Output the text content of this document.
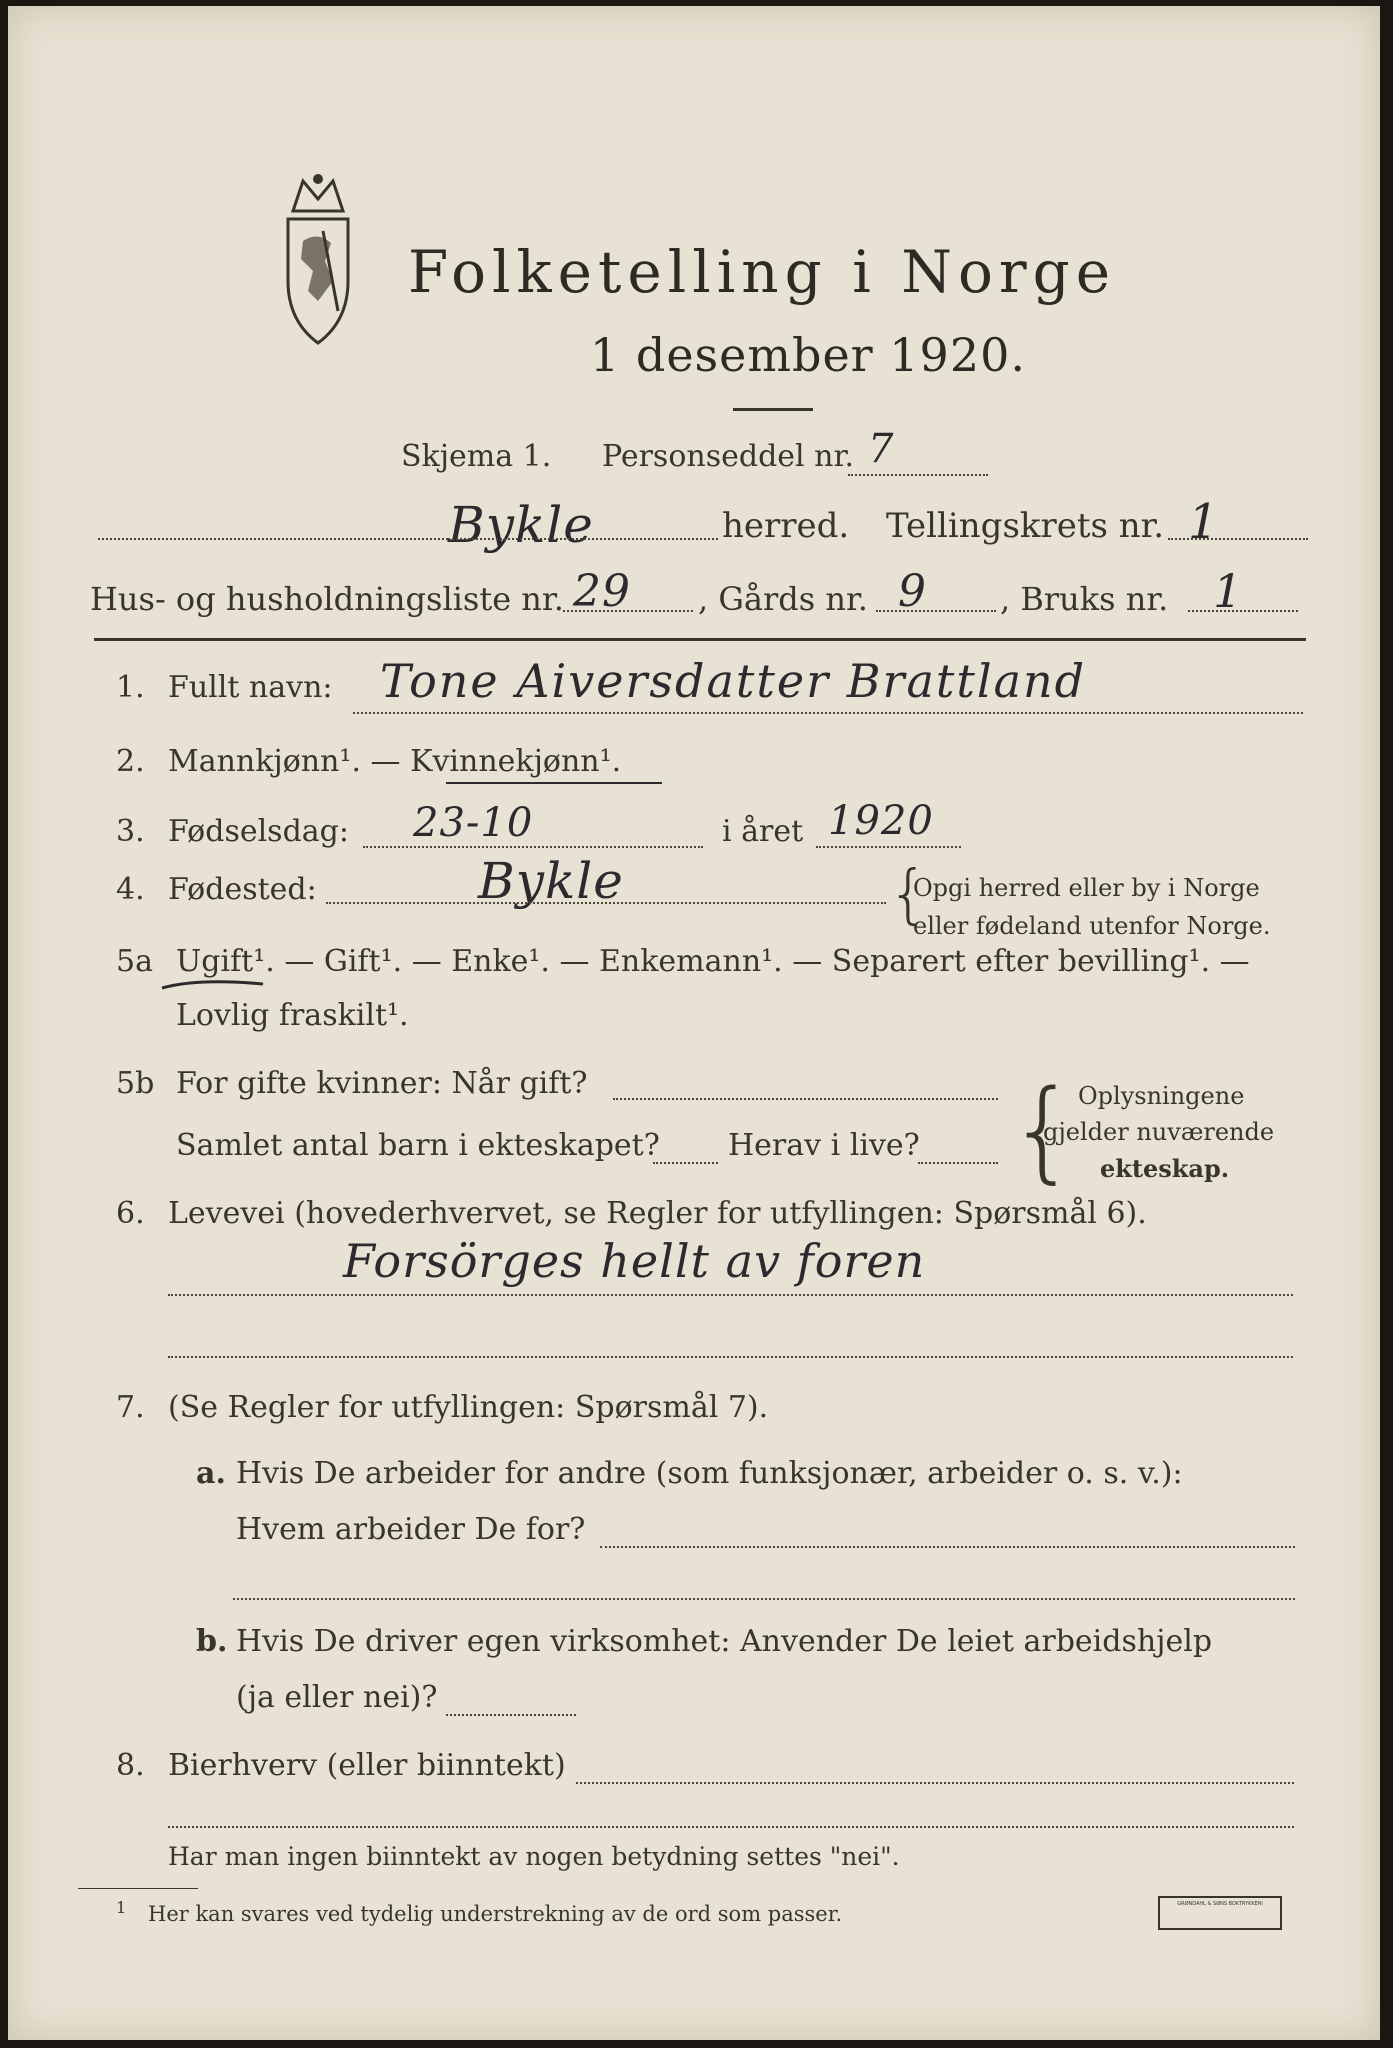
Folketelling i Norge
1 desember 1920.
Skjema 1. Personseddel nr. 7
Bykle	herred. Tellingskrets nr. 1
Hus- og husholdningsliste nr. 29 , Gårds nr. 9 , Bruks nr. 1
1. Fullt navn: Tone Aiversdatter Brattland
2. Mannkjønn¹. — Kvinnekjønn¹.
3. Fødselsdag: 23-10	i året 1920
4. Fødested:	Bykle	{
Opgi herred eller by i Norge
eller fødeland utenfor Norge.
5a Ugift¹. — Gift¹. — Enke¹. — Enkemann¹. — Separert efter bevilling¹. —
Lovlig fraskilt¹.
5b For gifte kvinner: Når gift?
Samlet antal barn i ekteskapet? Herav i live? { Oplysningene
gjelder nuværende
ekteskap.
6. Levevei (hovederhvervet, se Regler for utfyllingen: Spørsmål 6).
Forsörges hellt av foren
7. (Se Regler for utfyllingen: Spørsmål 7).
a. Hvis De arbeider for andre (som funksjonær, arbeider o. s. v.):
Hvem arbeider De for?
b. Hvis De driver egen virksomhet: Anvender De leiet arbeidshjelp
(ja eller nei)?
8. Bierhverv (eller biinntekt)
Har man ingen biinntekt av nogen betydning settes "nei".
1 Her kan svares ved tydelig understrekning av de ord som passer.	GRØNDAHL & SØNS BOKTRYKKERI
